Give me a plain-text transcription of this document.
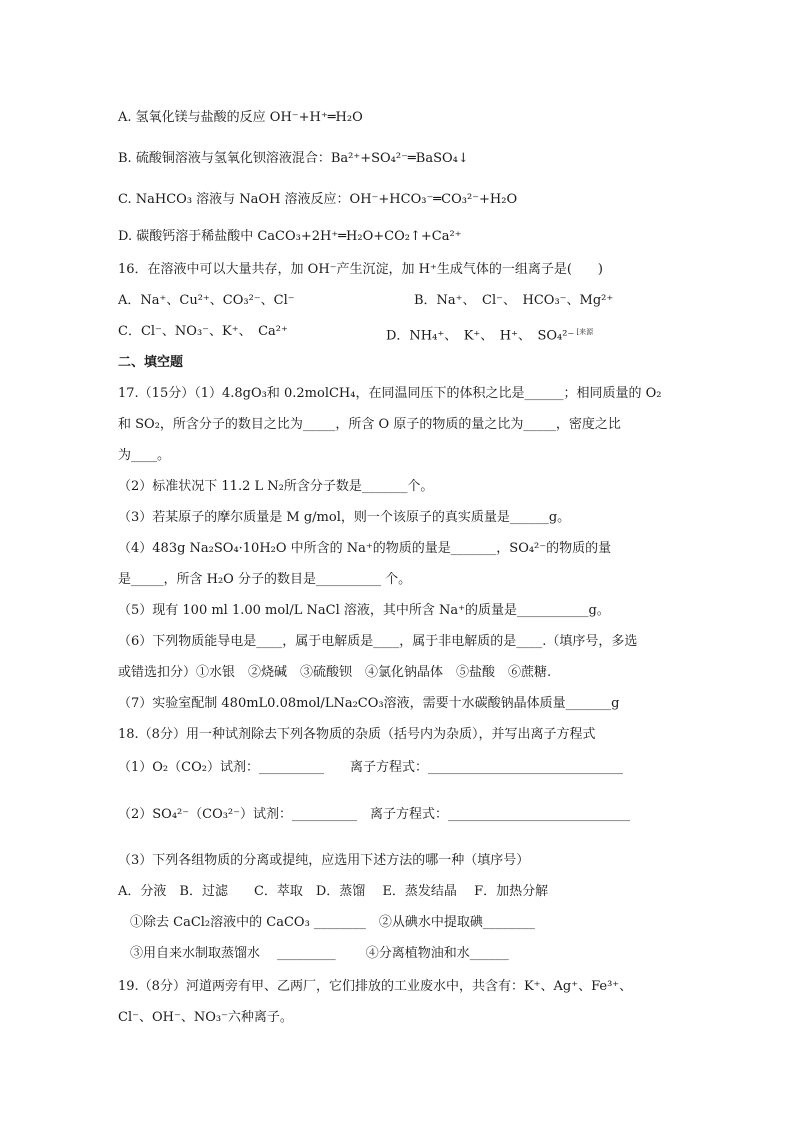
A. 氢氧化镁与盐酸的反应 OH⁻+H⁺═H₂O
B. 硫酸铜溶液与氢氧化钡溶液混合：Ba²⁺+SO₄²⁻═BaSO₄↓
C. NaHCO₃ 溶液与 NaOH 溶液反应：OH⁻+HCO₃⁻═CO₃²⁻+H₂O
D. 碳酸钙溶于稀盐酸中 CaCO₃+2H⁺═H₂O+CO₂↑+Ca²⁺
16．在溶液中可以大量共存，加 OH⁻产生沉淀，加 H⁺生成气体的一组离子是(　　)
A．Na⁺、Cu²⁺、CO₃²⁻、Cl⁻	B．Na⁺、　Cl⁻、　HCO₃⁻、Mg²⁺
C．Cl⁻、NO₃⁻、K⁺、　Ca²⁺	D．NH₄⁺、　K⁺、　H⁺、　SO₄²⁻ [来源
二、填空题
17.（15分）（1）4.8gO₃和 0.2molCH₄，在同温同压下的体积之比是______；相同质量的 O₂
和 SO₂，所含分子的数目之比为_____，所含 O 原子的物质的量之比为_____，密度之比
为____。
（2）标准状况下 11.2 L N₂所含分子数是_______个。
（3）若某原子的摩尔质量是 M g/mol，则一个该原子的真实质量是______g。
（4）483g Na₂SO₄·10H₂O 中所含的 Na⁺的物质的量是_______，SO₄²⁻的物质的量
是_____，所含 H₂O 分子的数目是__________ 个。
（5）现有 100 ml 1.00 mol/L NaCl 溶液，其中所含 Na⁺的质量是___________g。
（6）下列物质能导电是____，属于电解质是____，属于非电解质的是____.（填序号，多选
或错选扣分）①水银　②烧碱　③硫酸钡　④氯化钠晶体　⑤盐酸　⑥蔗糖.
（7）实验室配制 480mL0.08mol/LNa₂CO₃溶液，需要十水碳酸钠晶体质量_______g
18.（8分）用一种试剂除去下列各物质的杂质（括号内为杂质），并写出离子方程式
（1）O₂（CO₂）试剂：__________　　离子方程式：______________________________
（2）SO₄²⁻（CO₃²⁻）试剂：__________　离子方程式：____________________________
（3）下列各组物质的分离或提纯，应选用下述方法的哪一种（填序号）
A．分液　B．过滤　　C．萃取　D．蒸馏　 E．蒸发结晶　 F．加热分解
①除去 CaCl₂溶液中的 CaCO₃ ________　②从碘水中提取碘________
③用自来水制取蒸馏水　 _________　　 ④分离植物油和水______
19.（8分）河道两旁有甲、乙两厂，它们排放的工业废水中，共含有：K⁺、Ag⁺、Fe³⁺、
Cl⁻、OH⁻、NO₃⁻六种离子。
